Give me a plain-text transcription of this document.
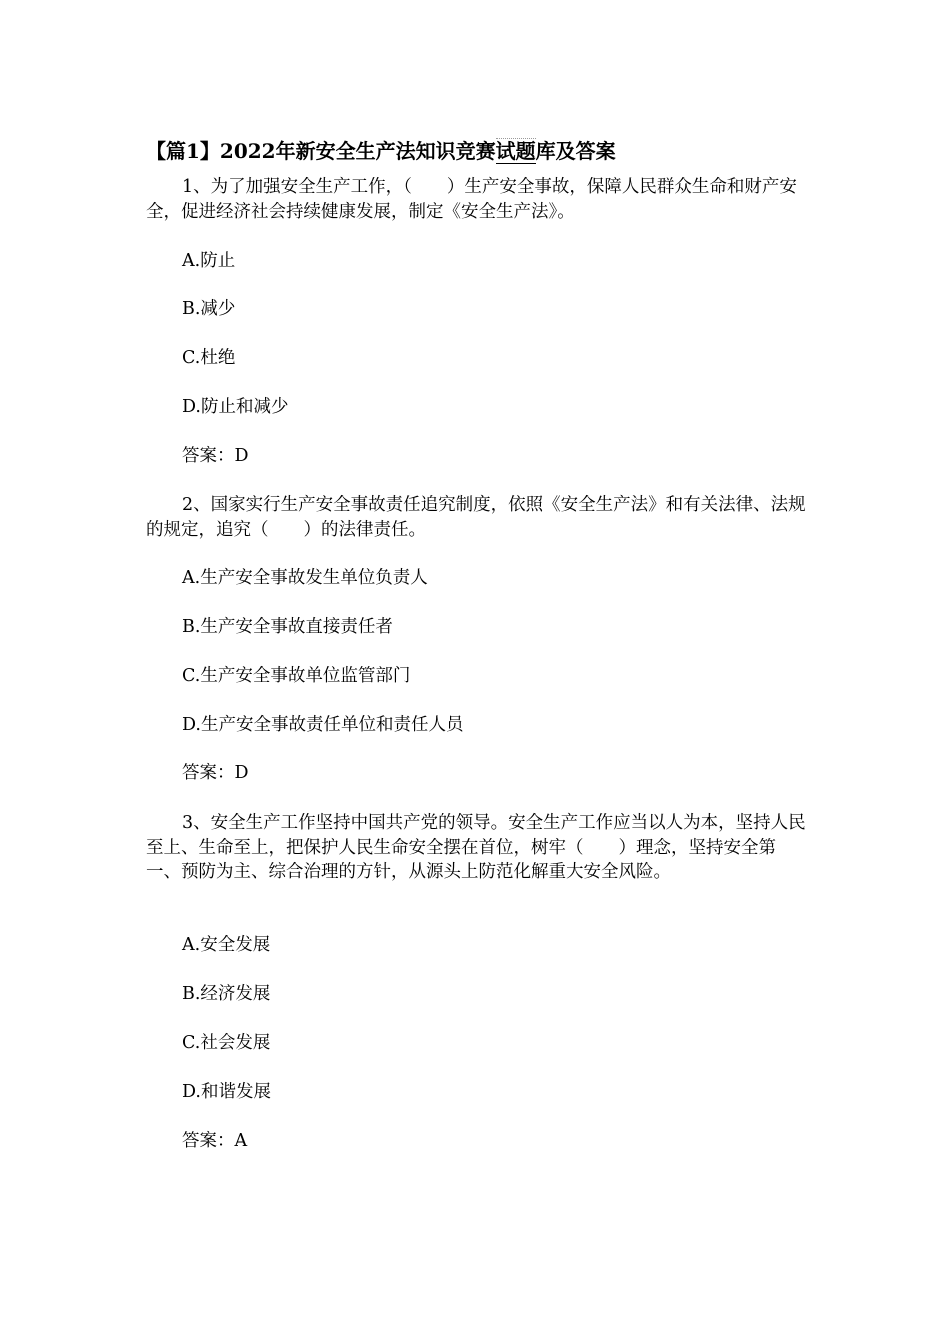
【篇1】2022年新安全生产法知识竞赛试题库及答案

1、为了加强安全生产工作，（　　）生产安全事故，保障人民群众生命和财产安全，促进经济社会持续健康发展，制定《安全生产法》。

A.防止
B.减少
C.杜绝
D.防止和减少
答案：D

2、国家实行生产安全事故责任追究制度，依照《安全生产法》和有关法律、法规的规定，追究（　　）的法律责任。

A.生产安全事故发生单位负责人
B.生产安全事故直接责任者
C.生产安全事故单位监管部门
D.生产安全事故责任单位和责任人员
答案：D

3、安全生产工作坚持中国共产党的领导。安全生产工作应当以人为本，坚持人民至上、生命至上，把保护人民生命安全摆在首位，树牢（　　）理念，坚持安全第一、预防为主、综合治理的方针，从源头上防范化解重大安全风险。

A.安全发展
B.经济发展
C.社会发展
D.和谐发展
答案：A
